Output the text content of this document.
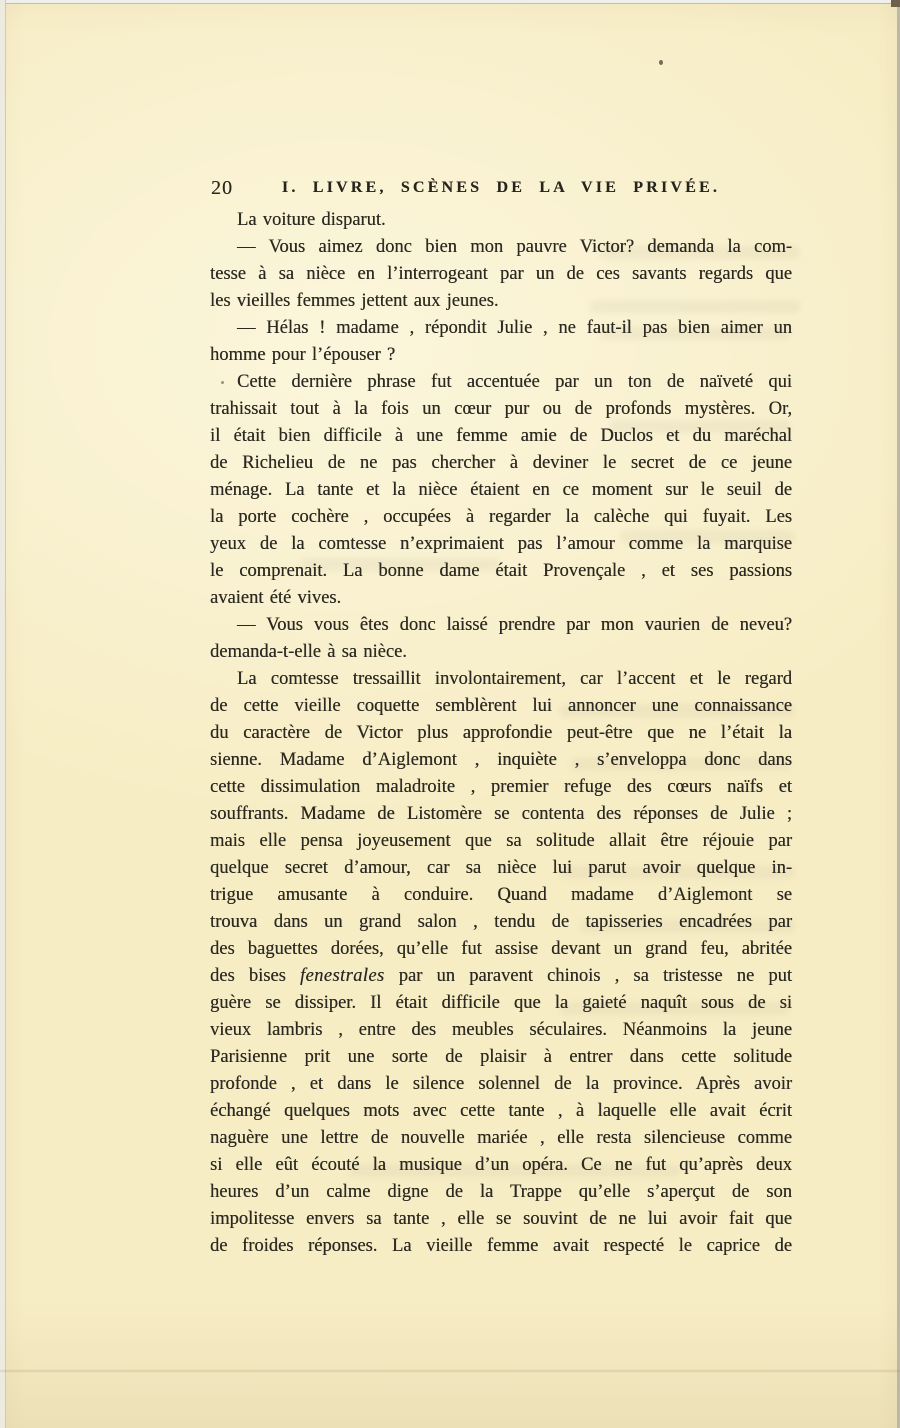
20	I. LIVRE, SCÈNES DE LA VIE PRIVÉE.
La voiture disparut.
— Vous aimez donc bien mon pauvre Victor? demanda la com-
tesse à sa nièce en l’interrogeant par un de ces savants regards que
les vieilles femmes jettent aux jeunes.
— Hélas ! madame , répondit Julie , ne faut-il pas bien aimer un
homme pour l’épouser ?
Cette dernière phrase fut accentuée par un ton de naïveté qui
trahissait tout à la fois un cœur pur ou de profonds mystères. Or,
il était bien difficile à une femme amie de Duclos et du maréchal
de Richelieu de ne pas chercher à deviner le secret de ce jeune
ménage. La tante et la nièce étaient en ce moment sur le seuil de
la porte cochère , occupées à regarder la calèche qui fuyait. Les
yeux de la comtesse n’exprimaient pas l’amour comme la marquise
le comprenait. La bonne dame était Provençale , et ses passions
avaient été vives.
— Vous vous êtes donc laissé prendre par mon vaurien de neveu?
demanda-t-elle à sa nièce.
La comtesse tressaillit involontairement, car l’accent et le regard
de cette vieille coquette semblèrent lui annoncer une connaissance
du caractère de Victor plus approfondie peut-être que ne l’était la
sienne. Madame d’Aiglemont , inquiète , s’enveloppa donc dans
cette dissimulation maladroite , premier refuge des cœurs naïfs et
souffrants. Madame de Listomère se contenta des réponses de Julie ;
mais elle pensa joyeusement que sa solitude allait être réjouie par
quelque secret d’amour, car sa nièce lui parut avoir quelque in-
trigue amusante à conduire. Quand madame d’Aiglemont se
trouva dans un grand salon , tendu de tapisseries encadrées par
des baguettes dorées, qu’elle fut assise devant un grand feu, abritée
des bises fenestrales par un paravent chinois , sa tristesse ne put
guère se dissiper. Il était difficile que la gaieté naquît sous de si
vieux lambris , entre des meubles séculaires. Néanmoins la jeune
Parisienne prit une sorte de plaisir à entrer dans cette solitude
profonde , et dans le silence solennel de la province. Après avoir
échangé quelques mots avec cette tante , à laquelle elle avait écrit
naguère une lettre de nouvelle mariée , elle resta silencieuse comme
si elle eût écouté la musique d’un opéra. Ce ne fut qu’après deux
heures d’un calme digne de la Trappe qu’elle s’aperçut de son
impolitesse envers sa tante , elle se souvint de ne lui avoir fait que
de froides réponses. La vieille femme avait respecté le caprice de
